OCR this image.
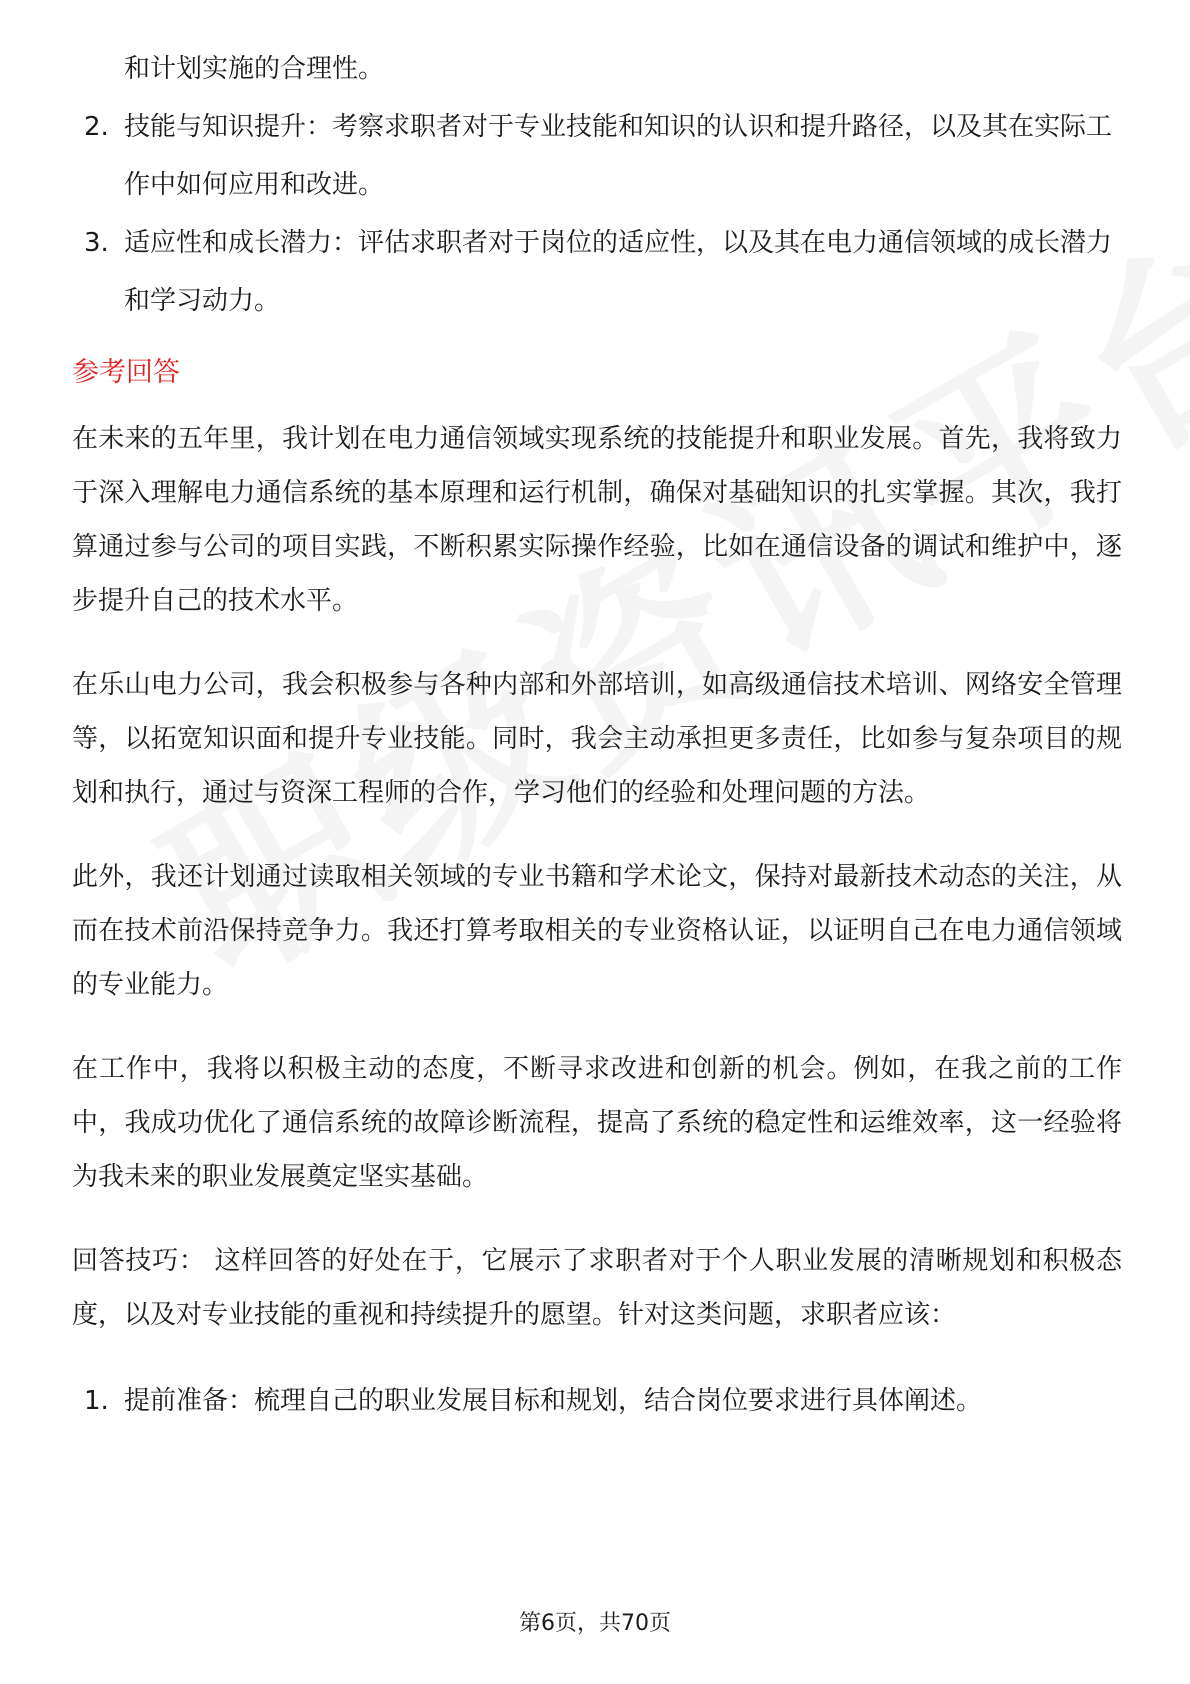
和计划实施的合理性。
2. 技能与知识提升：考察求职者对于专业技能和知识的认识和提升路径，以及其在实际工作中如何应用和改进。
3. 适应性和成长潜力：评估求职者对于岗位的适应性，以及其在电力通信领域的成长潜力和学习动力。
参考回答

在未来的五年里，我计划在电力通信领域实现系统的技能提升和职业发展。首先，我将致力于深入理解电力通信系统的基本原理和运行机制，确保对基础知识的扎实掌握。其次，我打算通过参与公司的项目实践，不断积累实际操作经验，比如在通信设备的调试和维护中，逐步提升自己的技术水平。

在乐山电力公司，我会积极参与各种内部和外部培训，如高级通信技术培训、网络安全管理等，以拓宽知识面和提升专业技能。同时，我会主动承担更多责任，比如参与复杂项目的规划和执行，通过与资深工程师的合作，学习他们的经验和处理问题的方法。

此外，我还计划通过读取相关领域的专业书籍和学术论文，保持对最新技术动态的关注，从而在技术前沿保持竞争力。我还打算考取相关的专业资格认证，以证明自己在电力通信领域的专业能力。

在工作中，我将以积极主动的态度，不断寻求改进和创新的机会。例如，在我之前的工作中，我成功优化了通信系统的故障诊断流程，提高了系统的稳定性和运维效率，这一经验将为我未来的职业发展奠定坚实基础。

回答技巧： 这样回答的好处在于，它展示了求职者对于个人职业发展的清晰规划和积极态度，以及对专业技能的重视和持续提升的愿望。针对这类问题，求职者应该：

1. 提前准备：梳理自己的职业发展目标和规划，结合岗位要求进行具体阐述。
第6页，共70页
